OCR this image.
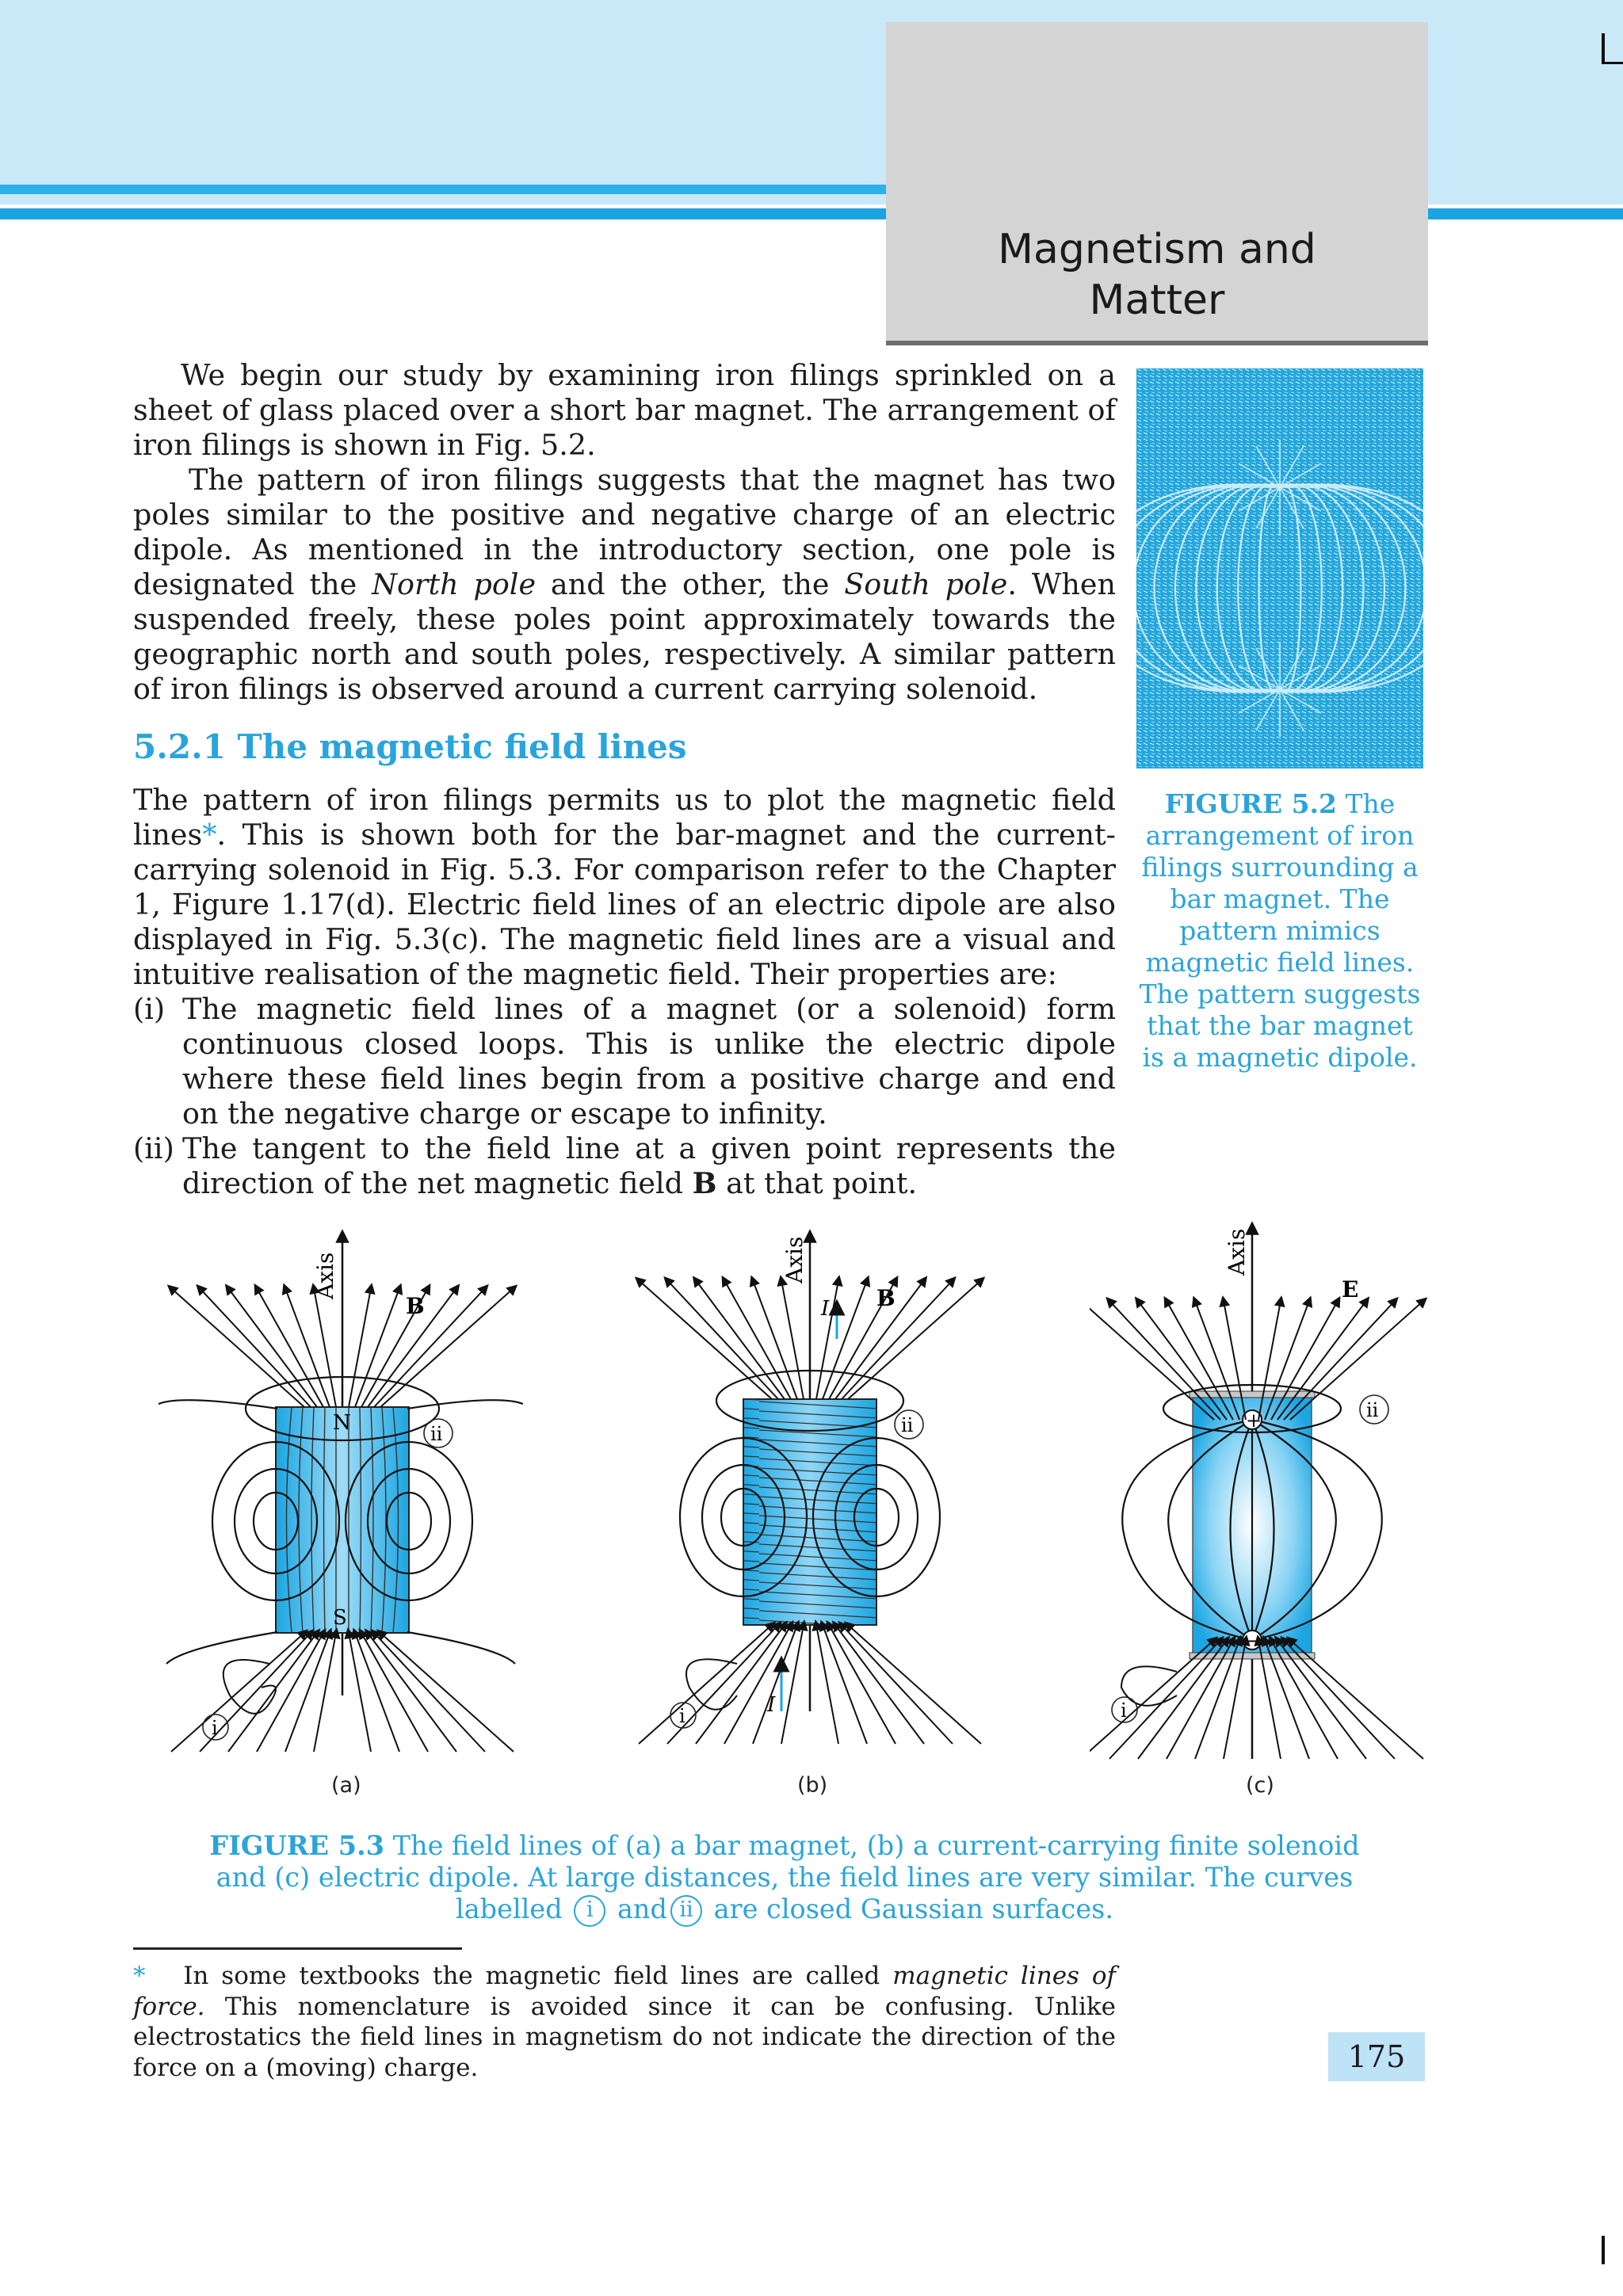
Magnetism and
Matter

We begin our study by examining iron filings sprinkled on a sheet of glass placed over a short bar magnet. The arrangement of iron filings is shown in Fig. 5.2.

The pattern of iron filings suggests that the magnet has two poles similar to the positive and negative charge of an electric dipole. As mentioned in the introductory section, one pole is designated the North pole and the other, the South pole. When suspended freely, these poles point approximately towards the geographic north and south poles, respectively. A similar pattern of iron filings is observed around a current carrying solenoid.

5.2.1 The magnetic field lines

The pattern of iron filings permits us to plot the magnetic field lines*. This is shown both for the bar-magnet and the current-carrying solenoid in Fig. 5.3. For comparison refer to the Chapter 1, Figure 1.17(d). Electric field lines of an electric dipole are also displayed in Fig. 5.3(c). The magnetic field lines are a visual and intuitive realisation of the magnetic field. Their properties are:

(i) The magnetic field lines of a magnet (or a solenoid) form continuous closed loops. This is unlike the electric dipole where these field lines begin from a positive charge and end on the negative charge or escape to infinity.
(ii) The tangent to the field line at a given point represents the direction of the net magnetic field B at that point.
FIGURE 5.2 The arrangement of iron filings surrounding a bar magnet. The pattern mimics magnetic field lines. The pattern suggests that the bar magnet is a magnetic dipole.
Axis
B
N
S
i
ii
Axis
B
I
I
i
ii
Axis
E
+
−
i
ii
(a)	(b)	(c)
FIGURE 5.3 The field lines of (a) a bar magnet, (b) a current-carrying finite solenoid and (c) electric dipole. At large distances, the field lines are very similar. The curves labelled i and ii are closed Gaussian surfaces.
* In some textbooks the magnetic field lines are called magnetic lines of force. This nomenclature is avoided since it can be confusing. Unlike electrostatics the field lines in magnetism do not indicate the direction of the force on a (moving) charge.	175
